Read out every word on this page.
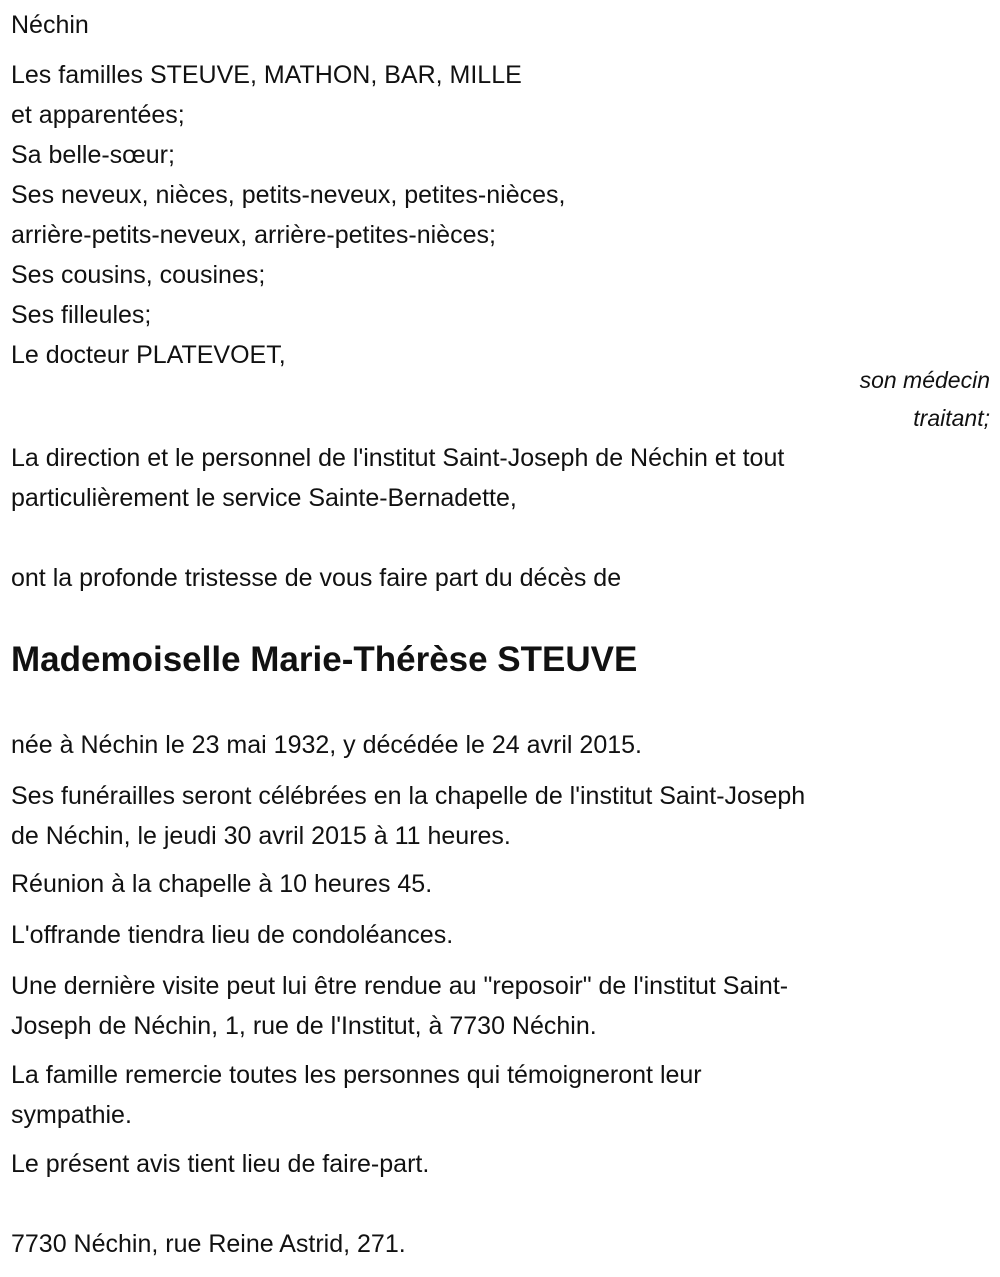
Néchin
Les familles STEUVE, MATHON, BAR, MILLE
et apparentées;
Sa belle-sœur;
Ses neveux, nièces, petits-neveux, petites-nièces,
arrière-petits-neveux, arrière-petites-nièces;
Ses cousins, cousines;
Ses filleules;
Le docteur PLATEVOET,
son médecin
traitant;
La direction et le personnel de l'institut Saint-Joseph de Néchin et tout
particulièrement le service Sainte-Bernadette,
ont la profonde tristesse de vous faire part du décès de
Mademoiselle Marie-Thérèse STEUVE
née à Néchin le 23 mai 1932, y décédée le 24 avril 2015.
Ses funérailles seront célébrées en la chapelle de l'institut Saint-Joseph
de Néchin, le jeudi 30 avril 2015 à 11 heures.
Réunion à la chapelle à 10 heures 45.
L'offrande tiendra lieu de condoléances.
Une dernière visite peut lui être rendue au "reposoir" de l'institut Saint-
Joseph de Néchin, 1, rue de l'Institut, à 7730 Néchin.
La famille remercie toutes les personnes qui témoigneront leur
sympathie.
Le présent avis tient lieu de faire-part.
7730 Néchin, rue Reine Astrid, 271.
